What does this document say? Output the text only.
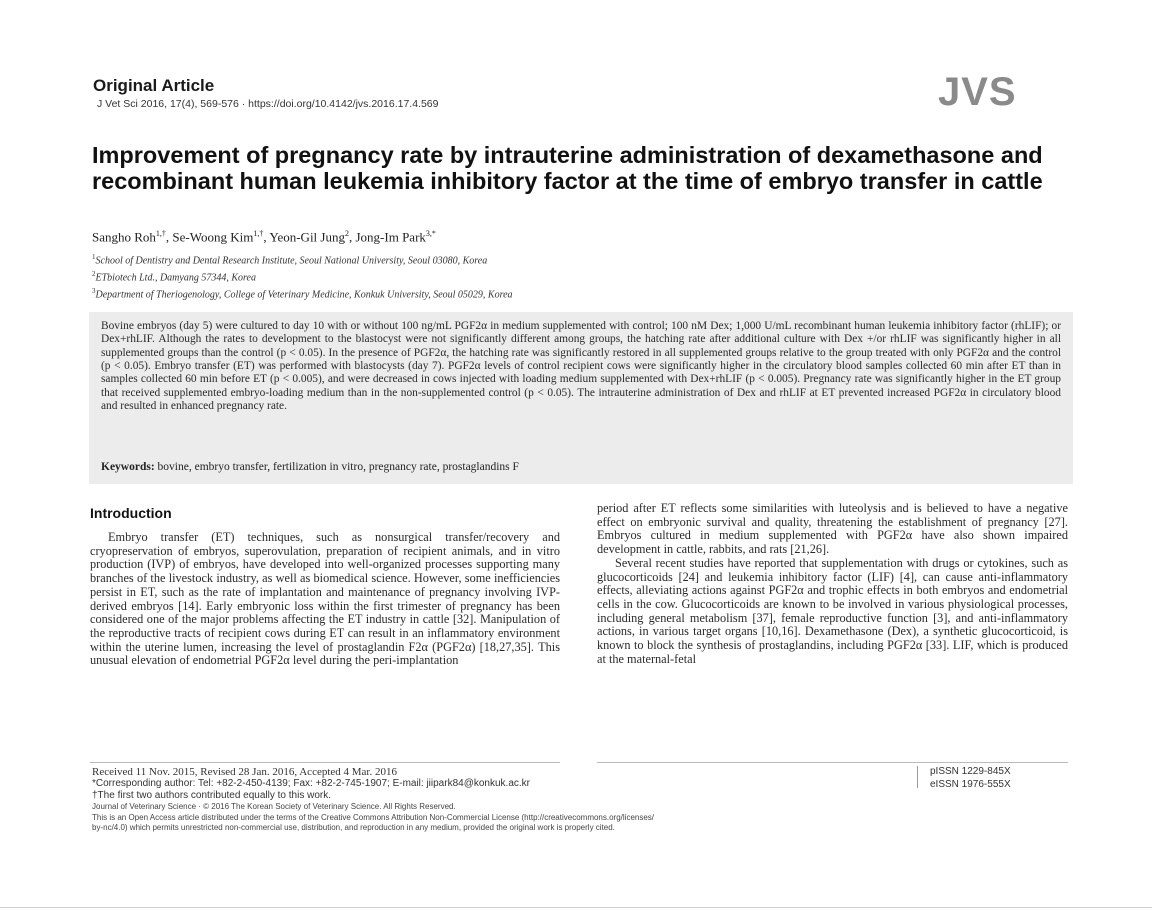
Original Article
J Vet Sci 2016, 17(4), 569-576 · https://doi.org/10.4142/jvs.2016.17.4.569	JVS
Improvement of pregnancy rate by intrauterine administration of dexamethasone and recombinant human leukemia inhibitory factor at the time of embryo transfer in cattle
Sangho Roh$^{1,\dagger}$, Se-Woong Kim$^{1,\dagger}$, Yeon-Gil Jung$^2$, Jong-Im Park$^{3,*}$
$^1$School of Dentistry and Dental Research Institute, Seoul National University, Seoul 03080, Korea
$^2$ETbiotech Ltd., Damyang 57344, Korea
$^3$Department of Theriogenology, College of Veterinary Medicine, Konkuk University, Seoul 05029, Korea

Bovine embryos (day 5) were cultured to day 10 with or without 100 ng/mL PGF2α in medium supplemented with control; 100 nM Dex; 1,000 U/mL recombinant human leukemia inhibitory factor (rhLIF); or Dex+rhLIF. Although the rates to development to the blastocyst were not significantly different among groups, the hatching rate after additional culture with Dex +/or rhLIF was significantly higher in all supplemented groups than the control (p < 0.05). In the presence of PGF2α, the hatching rate was significantly restored in all supplemented groups relative to the group treated with only PGF2α and the control (p < 0.05). Embryo transfer (ET) was performed with blastocysts (day 7). PGF2α levels of control recipient cows were significantly higher in the circulatory blood samples collected 60 min after ET than in samples collected 60 min before ET (p < 0.005), and were decreased in cows injected with loading medium supplemented with Dex+rhLIF (p < 0.005). Pregnancy rate was significantly higher in the ET group that received supplemented embryo-loading medium than in the non-supplemented control (p < 0.05). The intrauterine administration of Dex and rhLIF at ET prevented increased PGF2α in circulatory blood and resulted in enhanced pregnancy rate.

Keywords: bovine, embryo transfer, fertilization in vitro, pregnancy rate, prostaglandins F
Introduction

Embryo transfer (ET) techniques, such as nonsurgical transfer/recovery and cryopreservation of embryos, superovulation, preparation of recipient animals, and in vitro production (IVP) of embryos, have developed into well-organized processes supporting many branches of the livestock industry, as well as biomedical science. However, some inefficiencies persist in ET, such as the rate of implantation and maintenance of pregnancy involving IVP-derived embryos [14]. Early embryonic loss within the first trimester of pregnancy has been considered one of the major problems affecting the ET industry in cattle [32]. Manipulation of the reproductive tracts of recipient cows during ET can result in an inflammatory environment within the uterine lumen, increasing the level of prostaglandin F2α (PGF2α) [18,27,35]. This unusual elevation of endometrial PGF2α level during the peri-implantation

period after ET reflects some similarities with luteolysis and is believed to have a negative effect on embryonic survival and quality, threatening the establishment of pregnancy [27]. Embryos cultured in medium supplemented with PGF2α have also shown impaired development in cattle, rabbits, and rats [21,26].

Several recent studies have reported that supplementation with drugs or cytokines, such as glucocorticoids [24] and leukemia inhibitory factor (LIF) [4], can cause anti-inflammatory effects, alleviating actions against PGF2α and trophic effects in both embryos and endometrial cells in the cow. Glucocorticoids are known to be involved in various physiological processes, including general metabolism [37], female reproductive function [3], and anti-inflammatory actions, in various target organs [10,16]. Dexamethasone (Dex), a synthetic glucocorticoid, is known to block the synthesis of prostaglandins, including PGF2α [33]. LIF, which is produced at the maternal-fetal

Received 11 Nov. 2015, Revised 28 Jan. 2016, Accepted 4 Mar. 2016
*Corresponding author: Tel: +82-2-450-4139; Fax: +82-2-745-1907; E-mail: jiipark84@konkuk.ac.kr
†The first two authors contributed equally to this work.
Journal of Veterinary Science · © 2016 The Korean Society of Veterinary Science. All Rights Reserved.
This is an Open Access article distributed under the terms of the Creative Commons Attribution Non-Commercial License (http://creativecommons.org/licenses/
by-nc/4.0) which permits unrestricted non-commercial use, distribution, and reproduction in any medium, provided the original work is properly cited.
pISSN 1229-845X
eISSN 1976-555X
